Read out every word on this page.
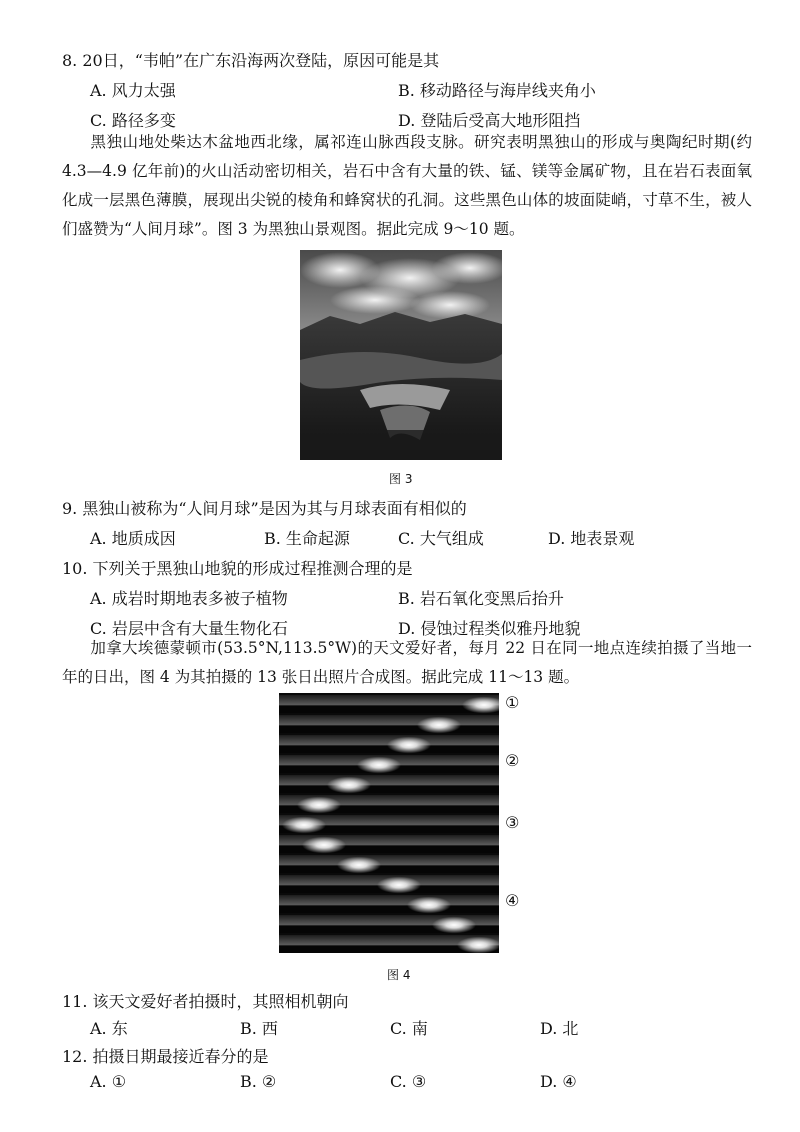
8. 20日，“韦帕”在广东沿海两次登陆，原因可能是其
A. 风力太强	B. 移动路径与海岸线夹角小
C. 路径多变	D. 登陆后受高大地形阻挡
黑独山地处柴达木盆地西北缘，属祁连山脉西段支脉。研究表明黑独山的形成与奥陶纪时期(约 4.3—4.9 亿年前)的火山活动密切相关，岩石中含有大量的铁、锰、镁等金属矿物，且在岩石表面氧化成一层黑色薄膜，展现出尖锐的棱角和蜂窝状的孔洞。这些黑色山体的坡面陡峭，寸草不生，被人们盛赞为“人间月球”。图 3 为黑独山景观图。据此完成 9～10 题。
图 3
9. 黑独山被称为“人间月球”是因为其与月球表面有相似的
A. 地质成因	B. 生命起源	C. 大气组成	D. 地表景观
10. 下列关于黑独山地貌的形成过程推测合理的是
A. 成岩时期地表多被子植物	B. 岩石氧化变黑后抬升
C. 岩层中含有大量生物化石	D. 侵蚀过程类似雅丹地貌
加拿大埃德蒙顿市(53.5°N,113.5°W)的天文爱好者，每月 22 日在同一地点连续拍摄了当地一年的日出，图 4 为其拍摄的 13 张日出照片合成图。据此完成 11～13 题。
①
②
③
④
图 4
11. 该天文爱好者拍摄时，其照相机朝向
A. 东	B. 西	C. 南	D. 北
12. 拍摄日期最接近春分的是
A. ①	B. ②	C. ③	D. ④
